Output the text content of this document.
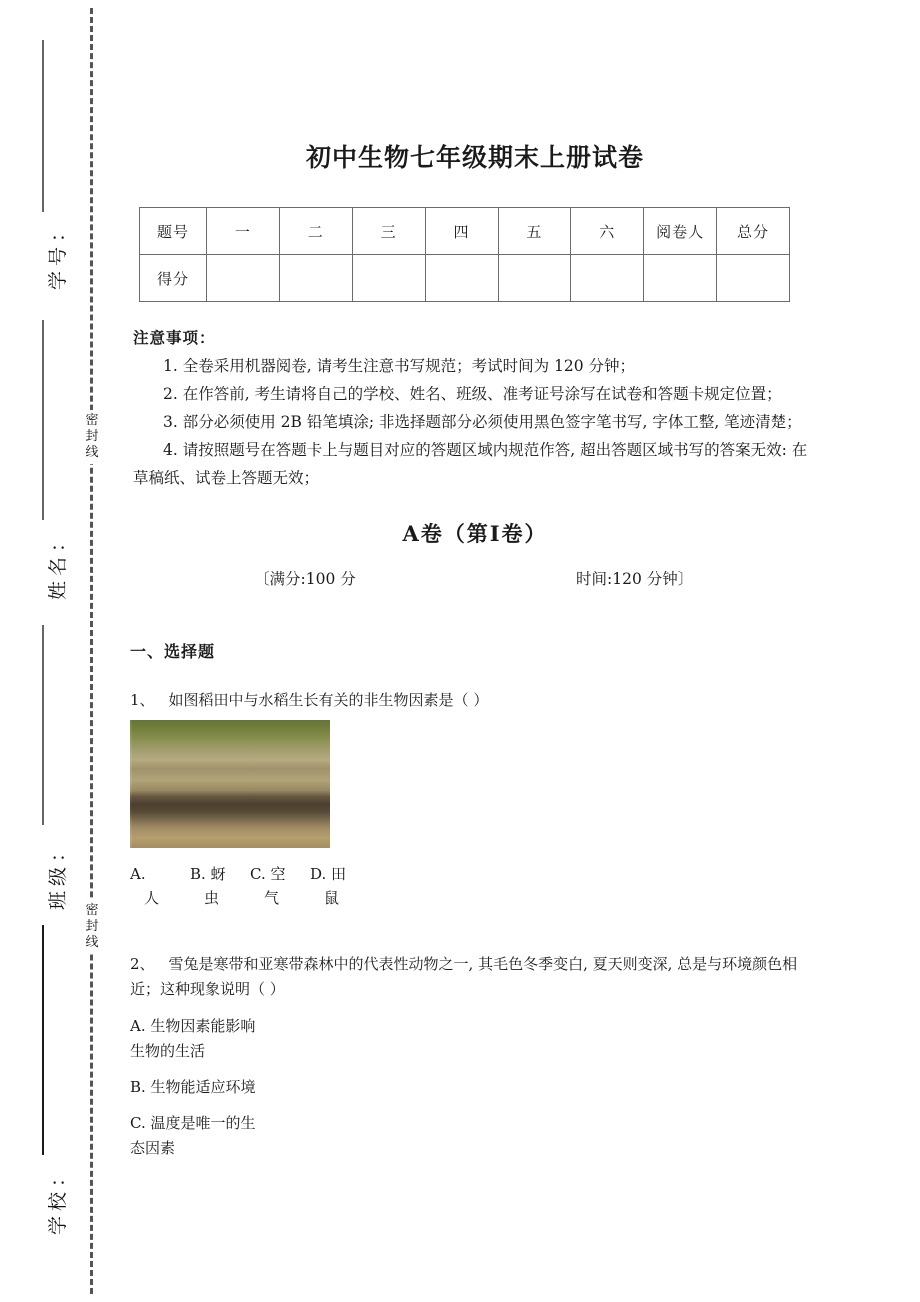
学号：
姓名：
班级：
学校：
密封线
密封线
初中生物七年级期末上册试卷
题号	一	二	三	四	五	六	阅卷人	总分
得分								
注意事项：
1. 全卷采用机器阅卷, 请考生注意书写规范；考试时间为 120 分钟；
2. 在作答前, 考生请将自己的学校、姓名、班级、准考证号涂写在试卷和答题卡规定位置；
3. 部分必须使用 2B 铅笔填涂; 非选择题部分必须使用黑色签字笔书写, 字体工整, 笔迹清楚；
4. 请按照题号在答题卡上与题目对应的答题区域内规范作答, 超出答题区域书写的答案无效: 在草稿纸、试卷上答题无效；
A卷（第Ⅰ卷）
〔满分:100 分	时间:120 分钟〕
一、选择题
1、 如图稻田中与水稻生长有关的非生物因素是（ ）
A.
人
B. 蚜
虫
C. 空
气
D. 田
鼠
2、 雪兔是寒带和亚寒带森林中的代表性动物之一, 其毛色冬季变白, 夏天则变深, 总是与环境颜色相近；这种现象说明（ ）
A. 生物因素能影响生物的生活
B. 生物能适应环境
C. 温度是唯一的生态因素
